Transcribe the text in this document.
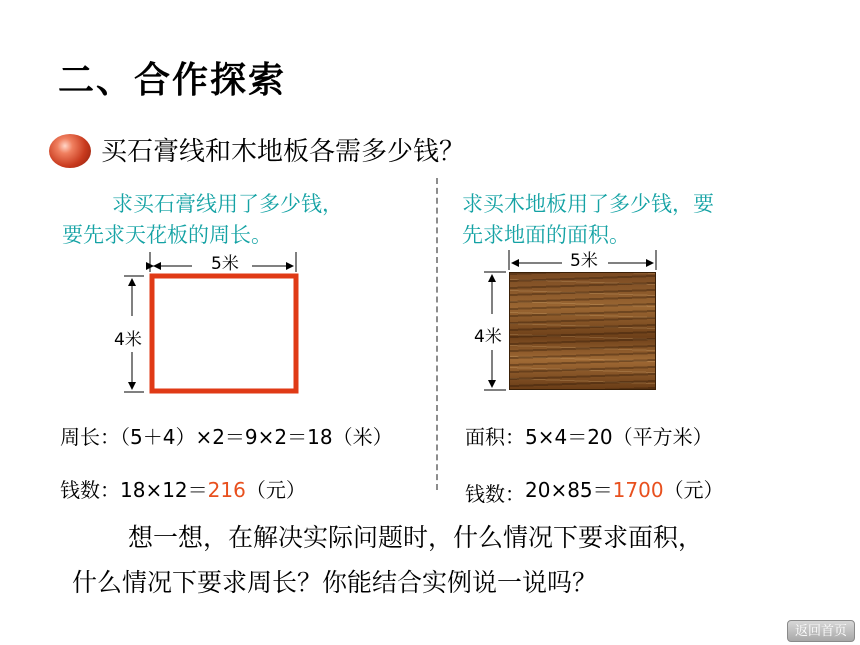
二、合作探索
买石膏线和木地板各需多少钱？
求买石膏线用了多少钱，
要先求天花板的周长。
求买木地板用了多少钱，要
先求地面的面积。
5米
4米
5米
4米
周长：（5＋4）×2＝9×2＝18（米）
钱数：18×12＝216（元）
面积：5×4＝20（平方米）
钱数：20×85＝1700（元）
想一想，在解决实际问题时，什么情况下要求面积，
什么情况下要求周长？你能结合实例说一说吗？
返回首页
